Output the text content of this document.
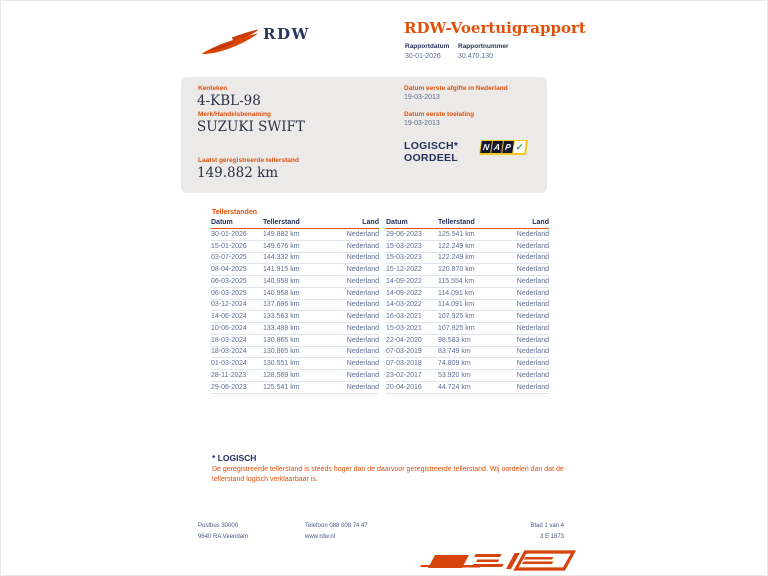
RDW	RDW-Voertuigrapport
Rapportdatum
30-01-2026
Rapportnummer
30.470.130
Kenteken
4-KBL-98
Merk/Handelsbenaming
SUZUKI SWIFT
Laatst geregistreerde tellerstand
149.882 km
Datum eerste afgifte in Nederland
19-03-2013
Datum eerste toelating
19-03-2013
LOGISCH*
OORDEEL
N A P ✓
Tellerstanden
Datum	Tellerstand	Land
30-01-2026	149.882 km	Nederland
15-01-2026	149.676 km	Nederland
03-07-2025	144.332 km	Nederland
08-04-2025	141.915 km	Nederland
06-03-2025	140.958 km	Nederland
06-03-2025	140.958 km	Nederland
03-12-2024	137.686 km	Nederland
14-06-2024	133.563 km	Nederland
10-06-2024	133.488 km	Nederland
18-03-2024	130.865 km	Nederland
18-03-2024	130.865 km	Nederland
01-03-2024	130.551 km	Nederland
28-11-2023	128.569 km	Nederland
29-06-2023	125.541 km	Nederland
Datum	Tellerstand	Land
29-06-2023	125.541 km	Nederland
15-03-2023	122.249 km	Nederland
15-03-2023	122.249 km	Nederland
15-12-2022	120.870 km	Nederland
14-09-2022	115.554 km	Nederland
14-09-2022	114.091 km	Nederland
14-03-2022	114.091 km	Nederland
16-03-2021	107.925 km	Nederland
15-03-2021	107.925 km	Nederland
22-04-2020	98.583 km	Nederland
07-03-2019	83.749 km	Nederland
07-03-2018	74.809 km	Nederland
23-02-2017	53.920 km	Nederland
20-04-2016	44.724 km	Nederland
* LOGISCH
De geregistreerde tellerstand is steeds hoger dan de daarvoor geregistreerde tellerstand. Wij oordelen dan dat de tellerstand logisch verklaarbaar is.
Postbus 30000
9640 RA Veendam
Telefoon 088 008 74 47
www.rdw.nl
Blad 1 van 4
3 E 1873
